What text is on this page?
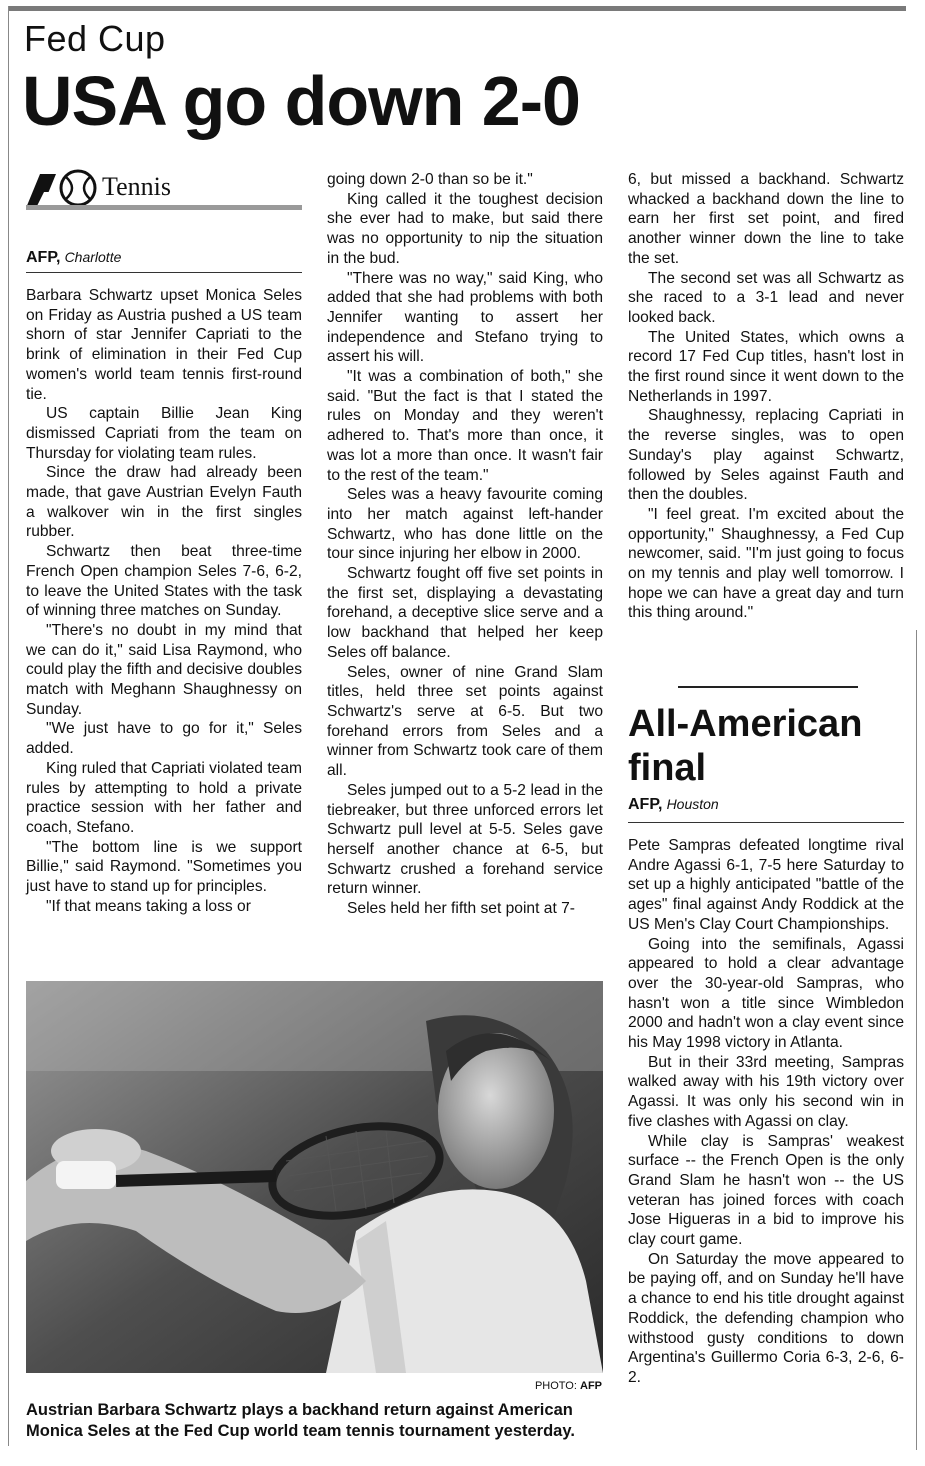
Fed Cup
USA go down 2-0
Tennis
AFP, Charlotte

Barbara Schwartz upset Monica Seles on Friday as Austria pushed a US team shorn of star Jennifer Capriati to the brink of elimination in their Fed Cup women's world team tennis first-round tie.

US captain Billie Jean King dismissed Capriati from the team on Thursday for violating team rules.

Since the draw had already been made, that gave Austrian Evelyn Fauth a walkover win in the first singles rubber.

Schwartz then beat three-time French Open champion Seles 7-6, 6-2, to leave the United States with the task of winning three matches on Sunday.

"There's no doubt in my mind that we can do it," said Lisa Raymond, who could play the fifth and decisive doubles match with Meghann Shaughnessy on Sunday.

"We just have to go for it," Seles added.

King ruled that Capriati violated team rules by attempting to hold a private practice session with her father and coach, Stefano.

"The bottom line is we support Billie," said Raymond. "Sometimes you just have to stand up for principles.

"If that means taking a loss or

going down 2-0 than so be it."

King called it the toughest decision she ever had to make, but said there was no opportunity to nip the situation in the bud.

"There was no way," said King, who added that she had problems with both Jennifer wanting to assert her independence and Stefano trying to assert his will.

"It was a combination of both," she said. "But the fact is that I stated the rules on Monday and they weren't adhered to. That's more than once, it was lot a more than once. It wasn't fair to the rest of the team."

Seles was a heavy favourite coming into her match against left-hander Schwartz, who has done little on the tour since injuring her elbow in 2000.

Schwartz fought off five set points in the first set, displaying a devastating forehand, a deceptive slice serve and a low backhand that helped her keep Seles off balance.

Seles, owner of nine Grand Slam titles, held three set points against Schwartz's serve at 6-5. But two forehand errors from Seles and a winner from Schwartz took care of them all.

Seles jumped out to a 5-2 lead in the tiebreaker, but three unforced errors let Schwartz pull level at 5-5. Seles gave herself another chance at 6-5, but Schwartz crushed a forehand service return winner.

Seles held her fifth set point at 7-

6, but missed a backhand. Schwartz whacked a backhand down the line to earn her first set point, and fired another winner down the line to take the set.

The second set was all Schwartz as she raced to a 3-1 lead and never looked back.

The United States, which owns a record 17 Fed Cup titles, hasn't lost in the first round since it went down to the Netherlands in 1997.

Shaughnessy, replacing Capriati in the reverse singles, was to open Sunday's play against Schwartz, followed by Seles against Fauth and then the doubles.

"I feel great. I'm excited about the opportunity," Shaughnessy, a Fed Cup newcomer, said. "I'm just going to focus on my tennis and play well tomorrow. I hope we can have a great day and turn this thing around."

All-American
final
AFP, Houston

Pete Sampras defeated longtime rival Andre Agassi 6-1, 7-5 here Saturday to set up a highly anticipated "battle of the ages" final against Andy Roddick at the US Men's Clay Court Championships.

Going into the semifinals, Agassi appeared to hold a clear advantage over the 30-year-old Sampras, who hasn't won a title since Wimbledon 2000 and hadn't won a clay event since his May 1998 victory in Atlanta.

But in their 33rd meeting, Sampras walked away with his 19th victory over Agassi. It was only his second win in five clashes with Agassi on clay.

While clay is Sampras' weakest surface -- the French Open is the only Grand Slam he hasn't won -- the US veteran has joined forces with coach Jose Higueras in a bid to improve his clay court game.

On Saturday the move appeared to be paying off, and on Sunday he'll have a chance to end his title drought against Roddick, the defending champion who withstood gusty conditions to down Argentina's Guillermo Coria 6-3, 2-6, 6-2.

PHOTO: AFP
Austrian Barbara Schwartz plays a backhand return against American Monica Seles at the Fed Cup world team tennis tournament yesterday.
